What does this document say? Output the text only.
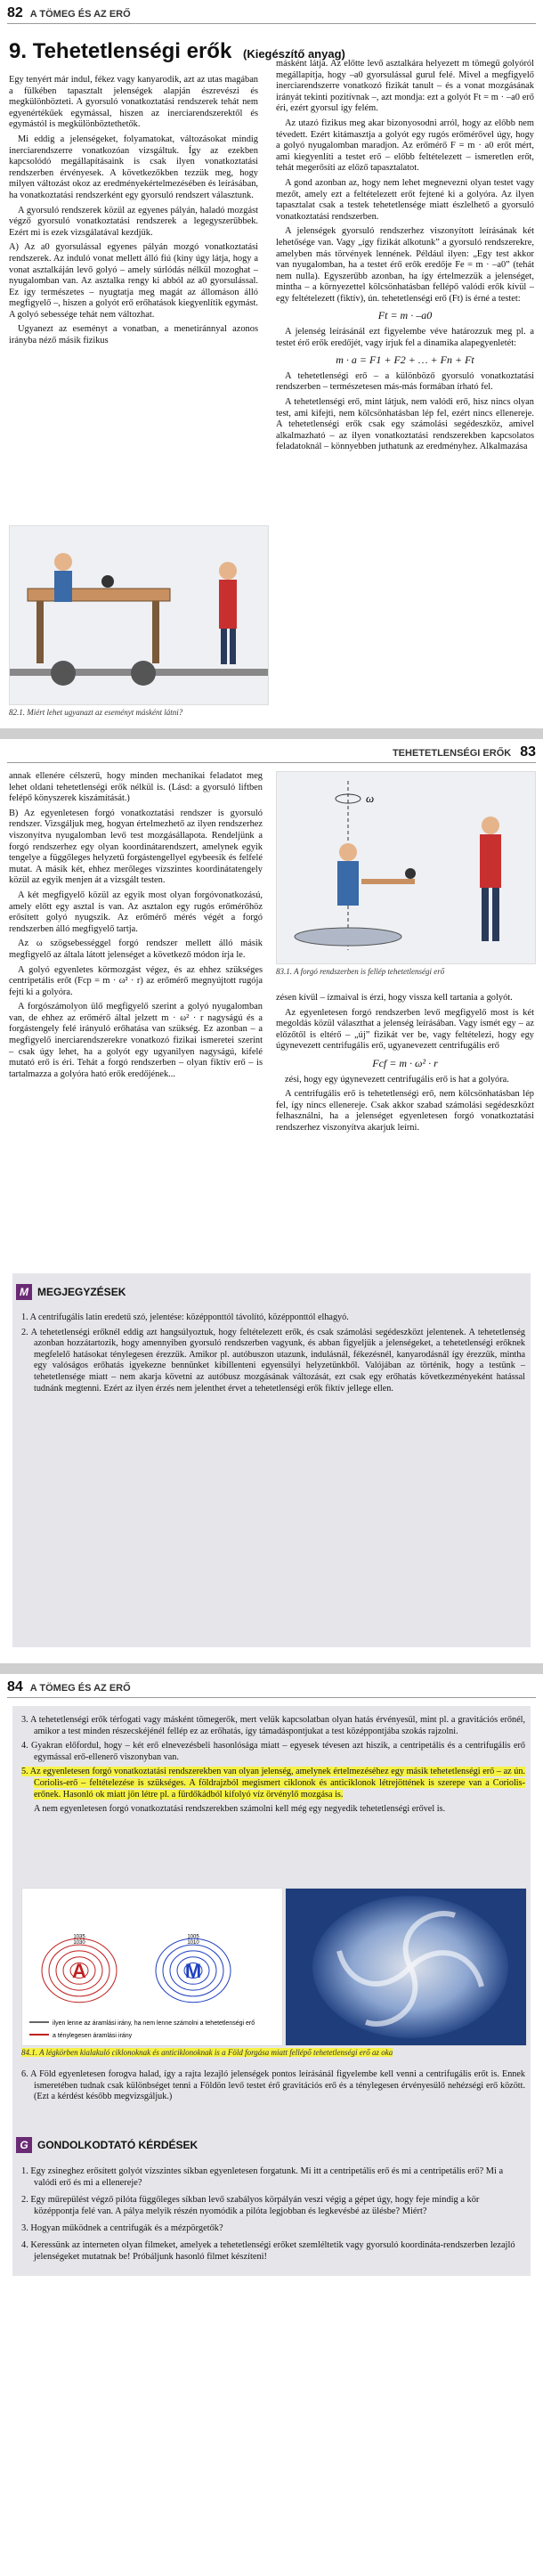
82 A TÖMEG ÉS AZ ERŐ
9. Tehetetlenségi erők (Kiegészítő anyag)

Egy tenyért már indul, fékez vagy kanyarodik, azt az utas magában a fülkében tapasztalt jelenségek alapján észrevészi és megkülönbözteti. A gyorsuló vonatkoztatási rendszerek tehát nem egyenértékűek egymással, hiszen az inerciarendszerektől és egymástól is megkülönböztethetők.

Mi eddig a jelenségeket, folyamatokat, változásokat mindig inerciarendszerre vonatkozóan vizsgáltuk. Így az ezekben kapcsolódó megállapításaink is csak ilyen vonatkoztatási rendszerben érvényesek. A következőkben tezzük meg, hogy milyen változást okoz az eredményekértelmezésében és leírásában, ha vonatkoztatási rendszerként egy gyorsuló rendszert választunk.

A gyorsuló rendszerek közül az egyenes pályán, haladó mozgást végző gyorsuló vonatkoztatási rendszerek a legegyszerűbbek. Ezért mi is ezek vizsgálatával kezdjük.

A) Az a0 gyorsulással egyenes pályán mozgó vonatkoztatási rendszerek. Az induló vonat mellett álló fiú (kiny úgy látja, hogy a vonat asztalkáján levő golyó – amely súrlódás nélkül mozoghat – nyugalomban van. Az asztalka rengy ki abból az a0 gyorsulással. Ez így természetes – nyugtatja meg magát az állomáson álló megfigyelő –, hiszen a golyót erő erőhatások kiegyenlítik egymást. A golyó sebessége tehát nem változhat.

Ugyanezt az eseményt a vonatban, a menetiránnyal azonos irányba néző másik fizikus

másként látja. Az előtte levő asztalkára helyezett m tömegű golyóról megállapítja, hogy –a0 gyorsulással gurul felé. Mivel a megfigyelő inerciarendszerre vonatkozó fizikát tanult – és a vonat mozgásának irányát tekinti pozitívnak –, azt mondja: ezt a golyót Ft = m · –a0 erő éri, ezért gyorsul így felém.

Az utazó fizikus meg akar bizonyosodni arról, hogy az előbb nem tévedett. Ezért kitámasztja a golyót egy rugós erőmérővel úgy, hogy a golyó nyugalomban maradjon. Az erőmérő F = m · a0 erőt mért, ami kiegyenlíti a testet erő – előbb feltételezett – ismeretlen erőt, tehát megerősíti az előző tapasztalatot.

A gond azonban az, hogy nem lehet megnevezni olyan testet vagy mezőt, amely ezt a feltételezett erőt fejtené ki a golyóra. Az ilyen tapasztalat csak a testek tehetetlensége miatt észlelhető a gyorsuló vonatkoztatási rendszerben.

A jelenségek gyorsuló rendszerhez viszonyított leírásának két lehetősége van. Vagy „így fizikát alkotunk” a gyorsuló rendszerekre, amelyben más törvények lennének. Például ilyen: „Egy test akkor van nyugalomban, ha a testet érő erők eredője Fe = m · –a0” (tehát nem nulla). Egyszerűbb azonban, ha így értelmezzük a jelenséget, mintha – a környezettel kölcsönhatásban fellépő valódi erők kívül – egy feltételezett (fiktív), ún. tehetetlenségi erő (Ft) is érné a testet:

Ft = m · –a0

A jelenség leírásánál ezt figyelembe véve határozzuk meg pl. a testet érő erők eredőjét, vagy írjuk fel a dinamika alapegyenletét:

m · a = F1 + F2 + … + Fn + Ft

A tehetetlenségi erő – a különböző gyorsuló vonatkoztatási rendszerben – természetesen más-más formában írható fel.

A tehetetlenségi erő, mint látjuk, nem valódi erő, hisz nincs olyan test, ami kifejti, nem kölcsönhatásban lép fel, ezért nincs ellenereje. A tehetetlenségi erők csak egy számolási segédeszköz, amivel alkalmazható – az ilyen vonatkoztatási rendszerekben kapcsolatos feladatoknál – könnyebben juthatunk az eredményhez. Alkalmazása

82.1. Miért lehet ugyanazt az eseményt másként látni?
TEHETETLENSÉGI ERŐK 83

annak ellenére célszerű, hogy minden mechanikai feladatot meg lehet oldani tehetetlenségi erők nélkül is. (Lásd: a gyorsuló liftben felépő könyszerek kiszámítását.)

B) Az egyenletesen forgó vonatkoztatási rendszer is gyorsuló rendszer. Vizsgáljuk meg, hogyan értelmezhető az ilyen rendszerhez viszonyítva nyugalomban levő test mozgásállapota. Rendeljünk a forgó rendszerhez egy olyan koordinátarendszert, amelynek egyik tengelye a függőleges helyzetű forgástengellyel egybeesik és felfelé mutat. A másik két, ehhez merőleges vízszintes koordinátatengely közül az egyik menjen át a vizsgált testen.

A két megfigyelő közül az egyik most olyan forgóvonatkozású, amely előtt egy asztal is van. Az asztalon egy rugós erőmérőhöz erősített golyó nyugszik. Az erőmérő mérés végét a forgó rendszerben álló megfigyelő tartja.

Az ω szögsebességgel forgó rendszer mellett álló másik megfigyelő az általa látott jelenséget a következő módon írja le.

A golyó egyenletes körmozgást végez, és az ehhez szükséges centripetális erőt (Fcp = m · ω² · r) az erőmérő megnyújtott rugója fejti ki a golyóra.

A forgószámolyon ülő megfigyelő szerint a golyó nyugalomban van, de ehhez az erőmérő által jelzett m · ω² · r nagyságú és a forgástengely felé irányuló erőhatása van szükség. Ez azonban – a megfigyelő inerciarendszerekre vonatkozó fizikai ismeretei szerint – csak úgy lehet, ha a golyót egy ugyanilyen nagyságú, kifelé mutató erő is éri. Tehát a forgó rendszerben – olyan fiktív erő – is tartalmazza a golyóra ható erők eredőjének...

ω
83.1. A forgó rendszerben is fellép tehetetlenségi erő

zésen kívül – ízmaival is érzi, hogy vissza kell tartania a golyót.

Az egyenletesen forgó rendszerben levő megfigyelő most is két megoldás közül választhat a jelenség leírásában. Vagy ismét egy – az előzőtől is eltérő – „új” fizikát ver be, vagy feltételezi, hogy egy úgynevezett centrifugális erő, ugyanevezett centrifugális erő

Fcf = m · ω² · r

zési, hogy egy úgynevezett centrifugális erő is hat a golyóra.

A centrifugális erő is tehetetlenségi erő, nem kölcsönhatásban lép fel, így nincs ellenereje. Csak akkor szabad számolási segédeszközt felhasználni, ha a jelenséget egyenletesen forgó vonatkoztatási rendszerhez viszonyítva akarjuk leírni.

M MEGJEGYZÉSEK
1. A centrifugális latin eredetű szó, jelentése: középponttól távolító, középponttól elhagyó.
2. A tehetetlenségi erőknél eddig azt hangsúlyoztuk, hogy feltételezett erők, és csak számolási segédeszközt jelentenek. A tehetetlenség azonban hozzátartozik, hogy amennyiben gyorsuló rendszerben vagyunk, és abban figyeljük a jelenségeket, a tehetetlenségi erőknek megfelelő hatásokat ténylegesen érezzük. Amikor pl. autóbuszon utazunk, indulásnál, fékezésnél, kanyarodásnál így érezzük, mintha egy valóságos erőhatás igyekezne bennünket kibillenteni egyensúlyi helyzetünkből. Valójában az történik, hogy a testünk – tehetetlensége miatt – nem akarja követni az autóbusz mozgásának változását, ezt csak egy erőhatás következményeként hatással tudnánk megtenni. Ezért az ilyen érzés nem jelenthet érvet a tehetetlenségi erők fiktív jellege ellen.
84 A TÖMEG ÉS AZ ERŐ
3. A tehetetlenségi erők térfogati vagy másként tömegerők, mert velük kapcsolatban olyan hatás érvényesül, mint pl. a gravitációs erőnél, amikor a test minden részecskéjénél fellép ez az erőhatás, így támadáspontjukat a test középpontjába szokás rajzolni.
4. Gyakran előfordul, hogy – két erő elnevezésbeli hasonlósága miatt – egyesek tévesen azt hiszik, a centripetális és a centrifugális erő egymással erő-ellenerő viszonyban van.
5. Az egyenletesen forgó vonatkoztatási rendszerekben van olyan jelenség, amelynek értelmezéséhez egy másik tehetetlenségi erő – az ún. Coriolis-erő – feltételezése is szükséges. A földrajzból megismert ciklonok és anticiklonok létrejöttének is szerepe van a Coriolis-erőnek. Hasonló ok miatt jön létre pl. a fürdőkádból kifolyó víz örvénylő mozgása is.
A nem egyenletesen forgó vonatkoztatási rendszerekben számolni kell még egy negyedik tehetetlenségi erővel is.
1030
1035
1010
1005
A	M
ilyen lenne az áramlási irány, ha nem lenne számolni a tehetetlenségi erő
a ténylegesen áramlási irány
84.1. A légkörben kialakuló ciklonoknak és anticiklonoknak is a Föld forgása miatt fellépő tehetetlenségi erő az oka
6. A Föld egyenletesen forogva halad, így a rajta lezajló jelenségek pontos leírásánál figyelembe kell venni a centrifugális erőt is. Ennek ismeretében tudnak csak különbséget tenni a Földön levő testet érő gravitációs erő és a ténylegesen érvényesülő nehézségi erő között. (Ezt a kérdést később megvizsgáljuk.)
G GONDOLKODTATÓ KÉRDÉSEK
1. Egy zsineghez erősített golyót vízszintes síkban egyenletesen forgatunk. Mi itt a centripetális erő és mi a centripetális erő? Mi a valódi erő és mi a ellenereje?
2. Egy műrepülést végző pilóta függőleges síkban levő szabályos körpályán veszi végig a gépet úgy, hogy feje mindig a kör középpontja felé van. A pálya melyik részén nyomódik a pilóta legjobban és legkevésbé az ülésbe? Miért?
3. Hogyan működnek a centrifugák és a mézpörgetők?
4. Keressünk az interneten olyan filmeket, amelyek a tehetetlenségi erőket szemléltetik vagy gyorsuló koordináta-rendszerben lezajló jelenségeket mutatnak be! Próbáljunk hasonló filmet készíteni!
